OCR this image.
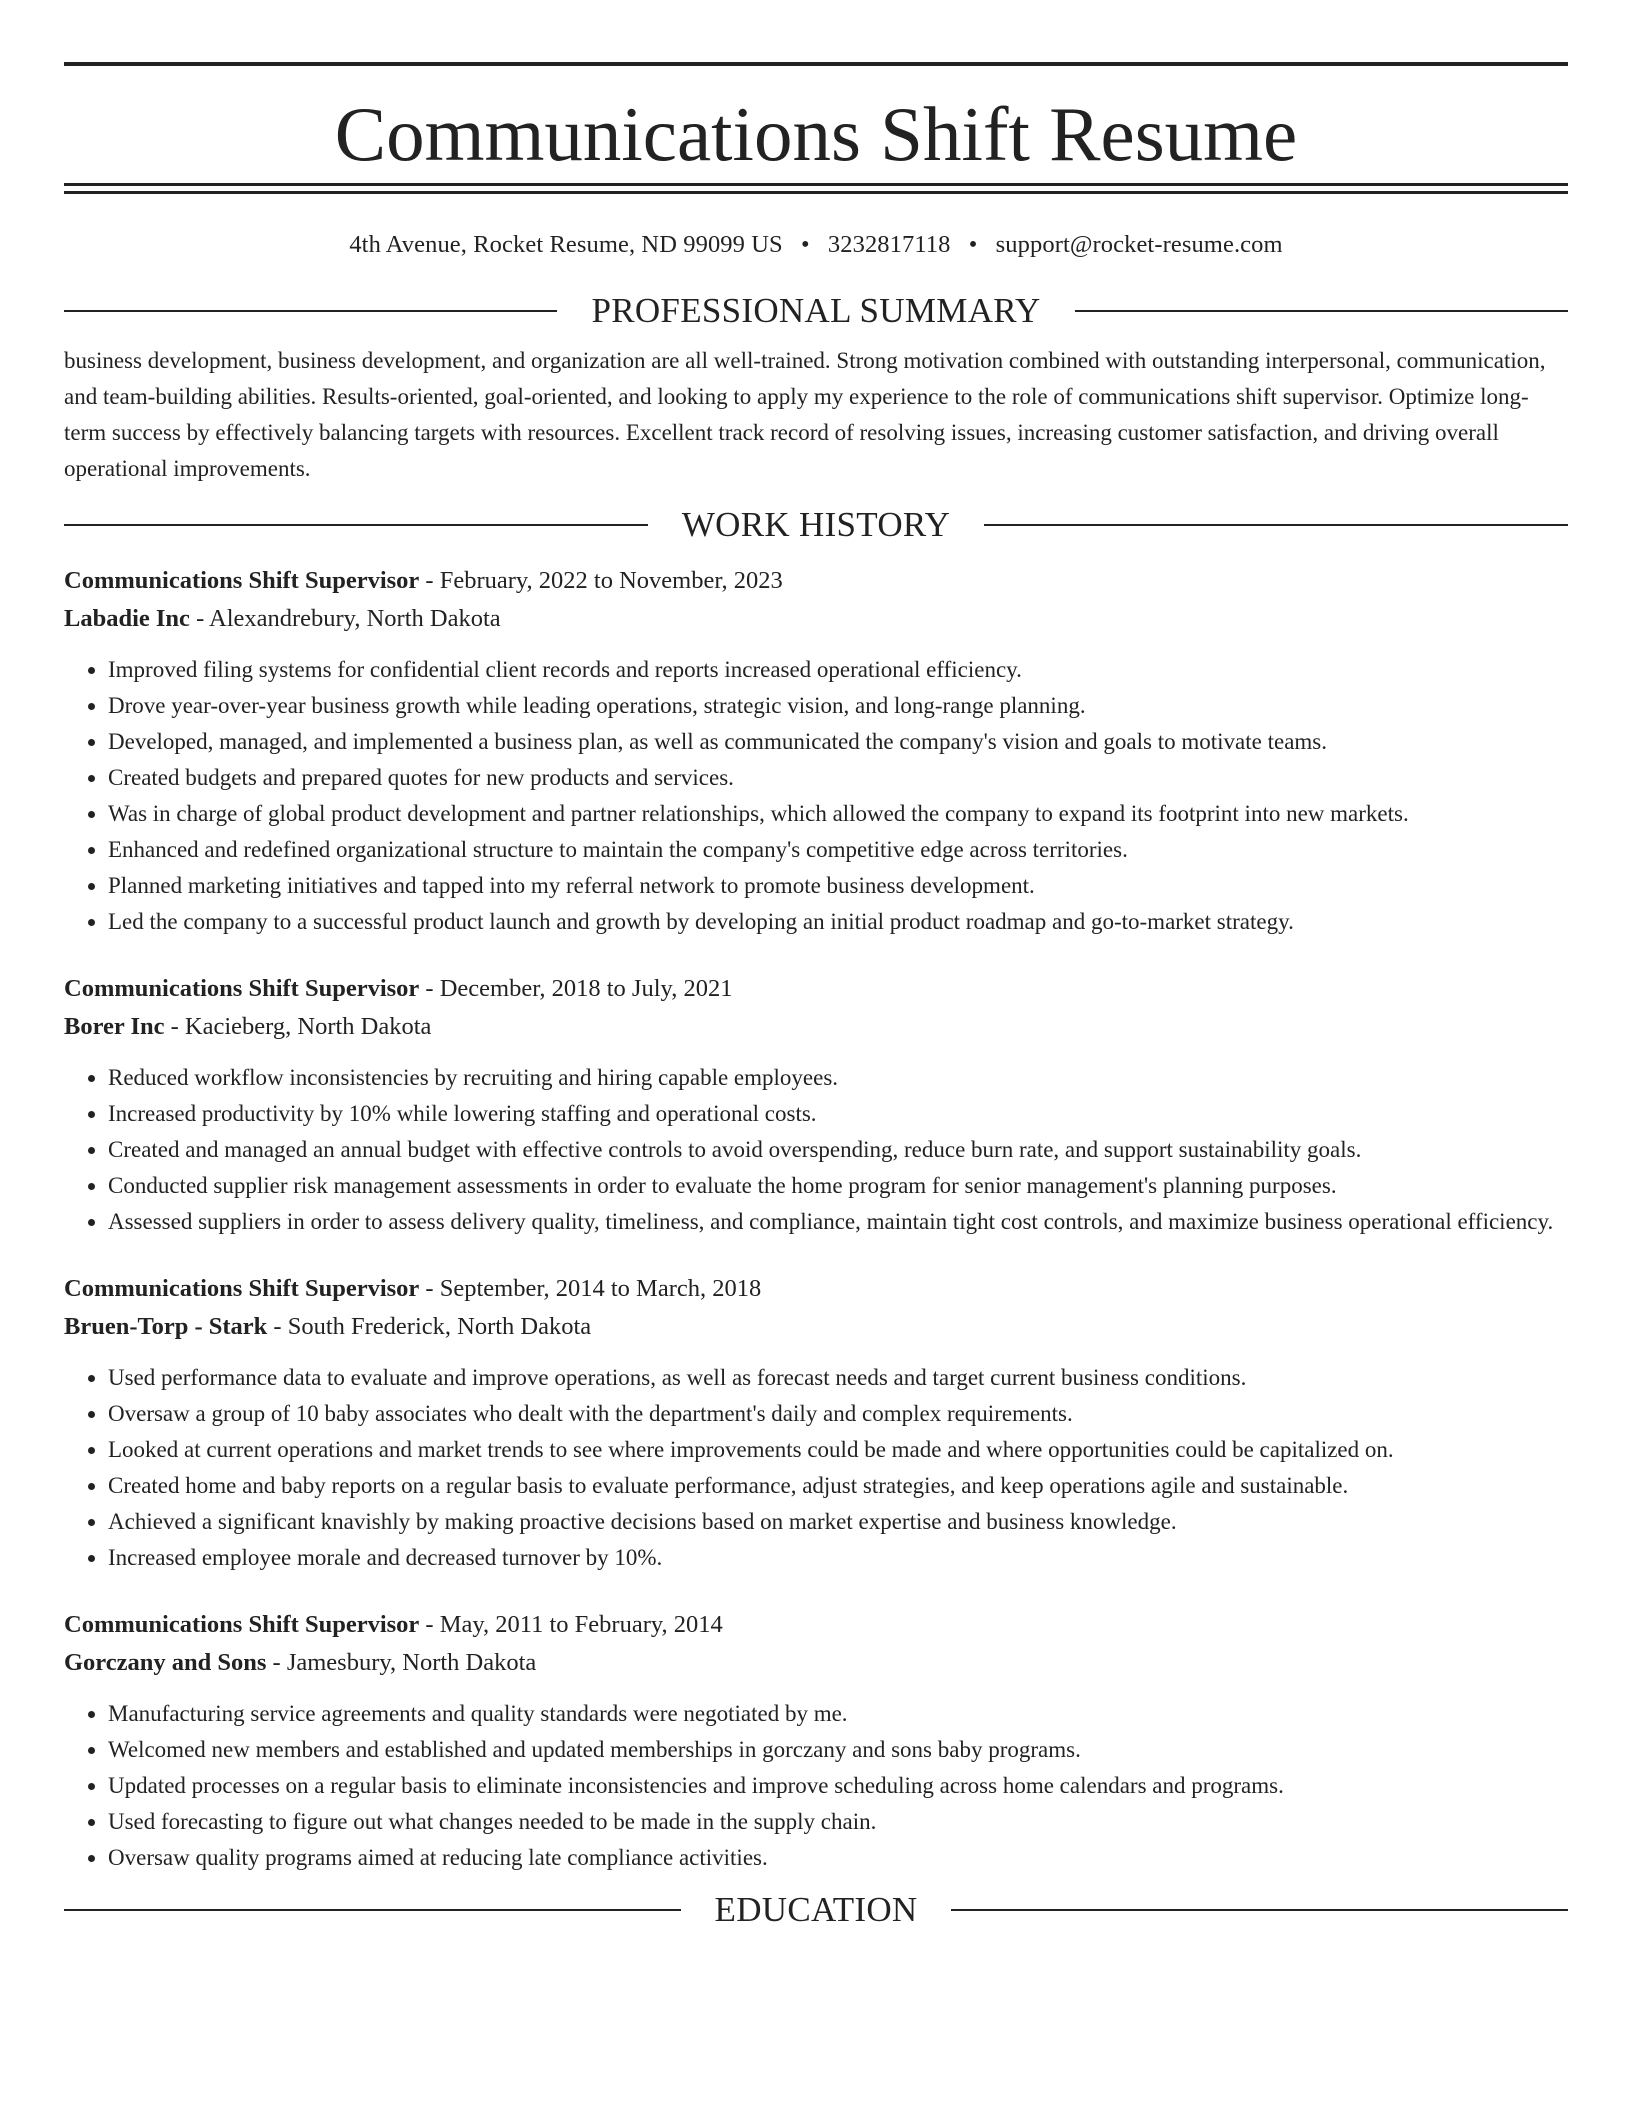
Communications Shift Resume
4th Avenue, Rocket Resume, ND 99099 US • 3232817118 • support@rocket-resume.com
PROFESSIONAL SUMMARY

business development, business development, and organization are all well-trained. Strong motivation combined with outstanding interpersonal, communication, and team-building abilities. Results-oriented, goal-oriented, and looking to apply my experience to the role of communications shift supervisor. Optimize long-term success by effectively balancing targets with resources. Excellent track record of resolving issues, increasing customer satisfaction, and driving overall operational improvements.

WORK HISTORY
Communications Shift Supervisor - February, 2022 to November, 2023
Labadie Inc - Alexandrebury, North Dakota
• Improved filing systems for confidential client records and reports increased operational efficiency.
• Drove year-over-year business growth while leading operations, strategic vision, and long-range planning.
• Developed, managed, and implemented a business plan, as well as communicated the company's vision and goals to motivate teams.
• Created budgets and prepared quotes for new products and services.
• Was in charge of global product development and partner relationships, which allowed the company to expand its footprint into new markets.
• Enhanced and redefined organizational structure to maintain the company's competitive edge across territories.
• Planned marketing initiatives and tapped into my referral network to promote business development.
• Led the company to a successful product launch and growth by developing an initial product roadmap and go-to-market strategy.
Communications Shift Supervisor - December, 2018 to July, 2021
Borer Inc - Kacieberg, North Dakota
• Reduced workflow inconsistencies by recruiting and hiring capable employees.
• Increased productivity by 10% while lowering staffing and operational costs.
• Created and managed an annual budget with effective controls to avoid overspending, reduce burn rate, and support sustainability goals.
• Conducted supplier risk management assessments in order to evaluate the home program for senior management's planning purposes.
• Assessed suppliers in order to assess delivery quality, timeliness, and compliance, maintain tight cost controls, and maximize business operational efficiency.
Communications Shift Supervisor - September, 2014 to March, 2018
Bruen-Torp - Stark - South Frederick, North Dakota
• Used performance data to evaluate and improve operations, as well as forecast needs and target current business conditions.
• Oversaw a group of 10 baby associates who dealt with the department's daily and complex requirements.
• Looked at current operations and market trends to see where improvements could be made and where opportunities could be capitalized on.
• Created home and baby reports on a regular basis to evaluate performance, adjust strategies, and keep operations agile and sustainable.
• Achieved a significant knavishly by making proactive decisions based on market expertise and business knowledge.
• Increased employee morale and decreased turnover by 10%.
Communications Shift Supervisor - May, 2011 to February, 2014
Gorczany and Sons - Jamesbury, North Dakota
• Manufacturing service agreements and quality standards were negotiated by me.
• Welcomed new members and established and updated memberships in gorczany and sons baby programs.
• Updated processes on a regular basis to eliminate inconsistencies and improve scheduling across home calendars and programs.
• Used forecasting to figure out what changes needed to be made in the supply chain.
• Oversaw quality programs aimed at reducing late compliance activities.
EDUCATION
